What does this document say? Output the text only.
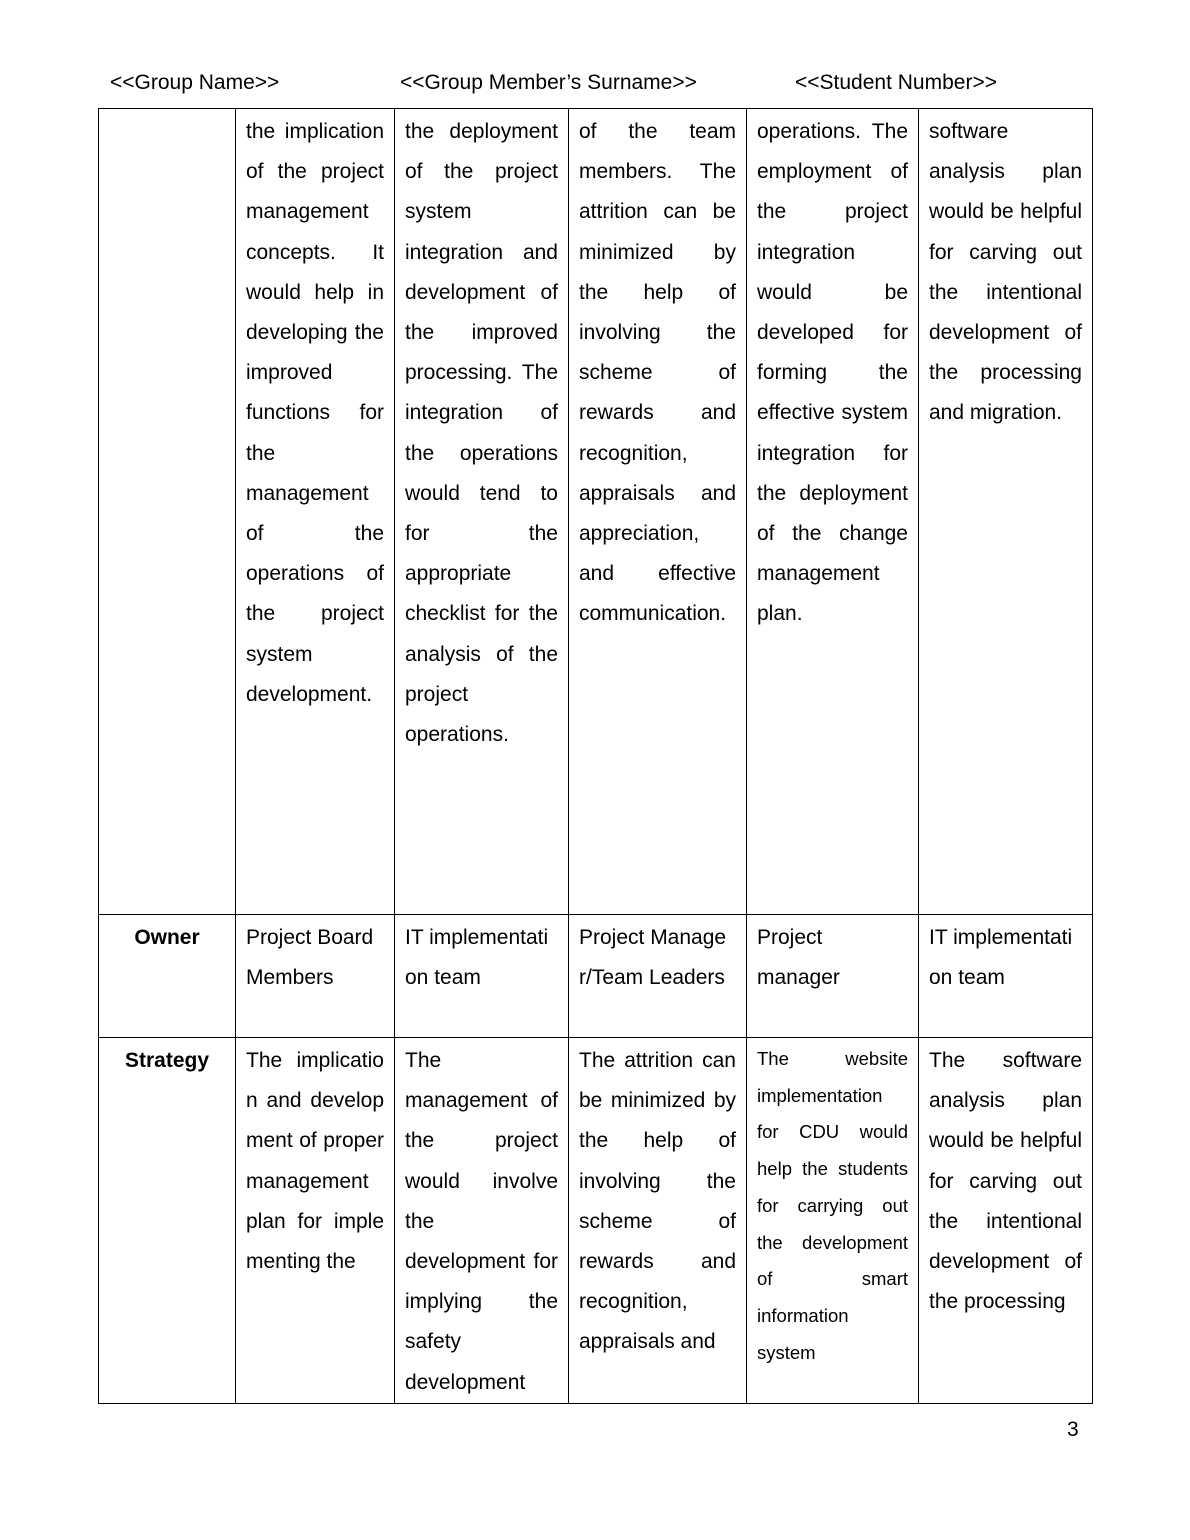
<<Group Name>>	<<Group Member’s Surname>>	<<Student Number>>
	the implication of the project management concepts. It would help in developing the improved functions for the management of the operations of the project system development.	the deployment of the project system integration and development of the improved processing. The integration of the operations would tend to for the appropriate checklist for the analysis of the project operations.	of the team members. The attrition can be minimized by the help of involving the scheme of rewards and recognition, appraisals and appreciation, and effective communication.	operations. The employment of the project integration would be developed for forming the effective system integration for the deployment of the change management plan.	software analysis plan would be helpful for carving out the intentional development of the processing and migration.
Owner	Project Board Members	IT implementation team	Project Manager/Team Leaders	Project manager	IT implementation team
Strategy	The implication and development of proper management plan for implementing the	The management of the project would involve the development for implying the safety development	The attrition can be minimized by the help of involving the scheme of rewards and recognition, appraisals and	The website implementation for CDU would help the students for carrying out the development of smart information system	The software analysis plan would be helpful for carving out the intentional development of the processing
3
